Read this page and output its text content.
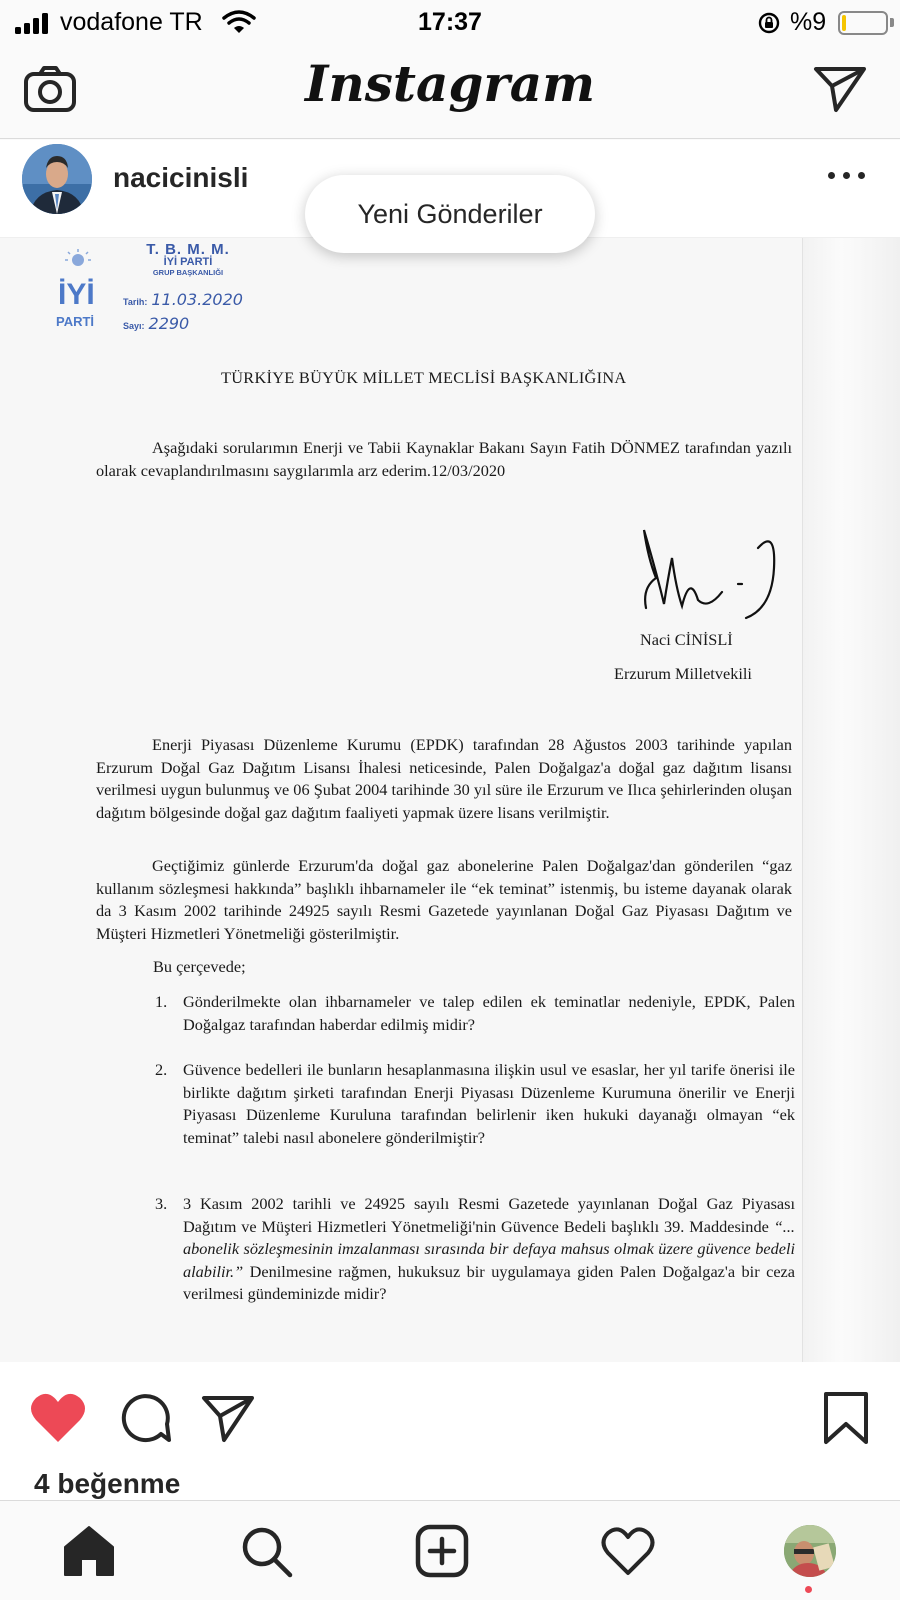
vodafone TR	17:37	%9
Instagram
nacicinisli
Yeni Gönderiler
İYİ
PARTİ
T. B. M. M.
İYİ PARTİ
GRUP BAŞKANLIĞI
Tarih: 11.03.2020
Sayı: 2290
TÜRKİYE BÜYÜK MİLLET MECLİSİ BAŞKANLIĞINA
Aşağıdaki sorularımın Enerji ve Tabii Kaynaklar Bakanı Sayın Fatih DÖNMEZ tarafından yazılı olarak cevaplandırılmasını saygılarımla arz ederim.12/03/2020
Naci CİNİSLİ
Erzurum Milletvekili
Enerji Piyasası Düzenleme Kurumu (EPDK) tarafından 28 Ağustos 2003 tarihinde yapılan Erzurum Doğal Gaz Dağıtım Lisansı İhalesi neticesinde, Palen Doğalgaz'a doğal gaz dağıtım lisansı verilmesi uygun bulunmuş ve 06 Şubat 2004 tarihinde 30 yıl süre ile Erzurum ve Ilıca şehirlerinden oluşan dağıtım bölgesinde doğal gaz dağıtım faaliyeti yapmak üzere lisans verilmiştir.
Geçtiğimiz günlerde Erzurum'da doğal gaz abonelerine Palen Doğalgaz'dan gönderilen “gaz kullanım sözleşmesi hakkında” başlıklı ihbarnameler ile “ek teminat” istenmiş, bu isteme dayanak olarak da 3 Kasım 2002 tarihinde 24925 sayılı Resmi Gazetede yayınlanan Doğal Gaz Piyasası Dağıtım ve Müşteri Hizmetleri Yönetmeliği gösterilmiştir.
Bu çerçevede;
1. Gönderilmekte olan ihbarnameler ve talep edilen ek teminatlar nedeniyle, EPDK, Palen Doğalgaz tarafından haberdar edilmiş midir?
2. Güvence bedelleri ile bunların hesaplanmasına ilişkin usul ve esaslar, her yıl tarife önerisi ile birlikte dağıtım şirketi tarafından Enerji Piyasası Düzenleme Kurumuna önerilir ve Enerji Piyasası Düzenleme Kuruluna tarafından belirlenir iken hukuki dayanağı olmayan “ek teminat” talebi nasıl abonelere gönderilmiştir?
3. 3 Kasım 2002 tarihli ve 24925 sayılı Resmi Gazetede yayınlanan Doğal Gaz Piyasası Dağıtım ve Müşteri Hizmetleri Yönetmeliği'nin Güvence Bedeli başlıklı 39. Maddesinde “... abonelik sözleşmesinin imzalanması sırasında bir defaya mahsus olmak üzere güvence bedeli alabilir.” Denilmesine rağmen, hukuksuz bir uygulamaya giden Palen Doğalgaz'a bir ceza verilmesi gündeminizde midir?
4 beğenme
